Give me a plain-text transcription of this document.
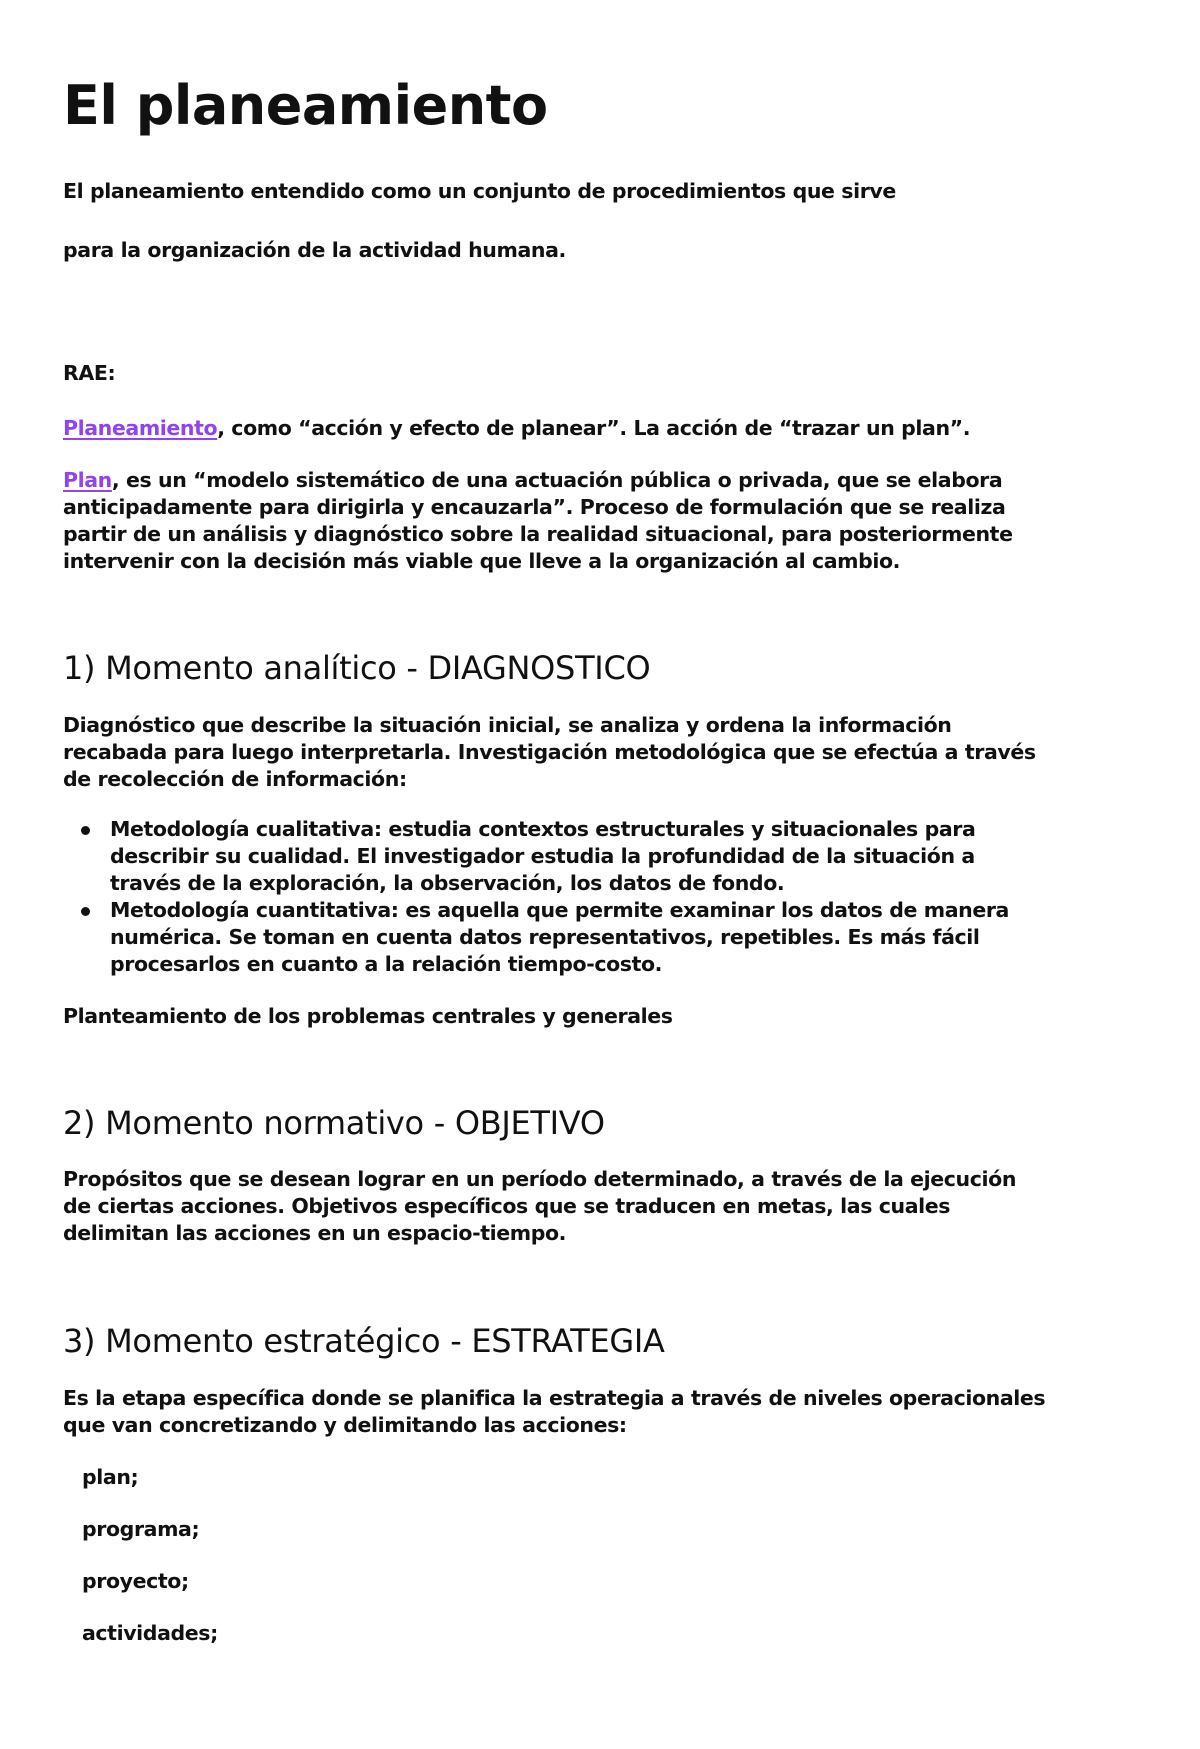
El planeamiento

El planeamiento entendido como un conjunto de procedimientos que sirve

para la organización de la actividad humana.

RAE:

Planeamiento, como “acción y efecto de planear”. La acción de “trazar un plan”.

Plan, es un “modelo sistemático de una actuación pública o privada, que se elabora

anticipadamente para dirigirla y encauzarla”. Proceso de formulación que se realiza

partir de un análisis y diagnóstico sobre la realidad situacional, para posteriormente

intervenir con la decisión más viable que lleve a la organización al cambio.

1) Momento analítico - DIAGNOSTICO

Diagnóstico que describe la situación inicial, se analiza y ordena la información

recabada para luego interpretarla. Investigación metodológica que se efectúa a través

de recolección de información:

Metodología cualitativa: estudia contextos estructurales y situacionales para

describir su cualidad. El investigador estudia la profundidad de la situación a

través de la exploración, la observación, los datos de fondo.

Metodología cuantitativa: es aquella que permite examinar los datos de manera

numérica. Se toman en cuenta datos representativos, repetibles. Es más fácil

procesarlos en cuanto a la relación tiempo-costo.

Planteamiento de los problemas centrales y generales

2) Momento normativo - OBJETIVO

Propósitos que se desean lograr en un período determinado, a través de la ejecución

de ciertas acciones. Objetivos específicos que se traducen en metas, las cuales

delimitan las acciones en un espacio-tiempo.

3) Momento estratégico - ESTRATEGIA

Es la etapa específica donde se planifica la estrategia a través de niveles operacionales

que van concretizando y delimitando las acciones:

plan;

programa;

proyecto;

actividades;
